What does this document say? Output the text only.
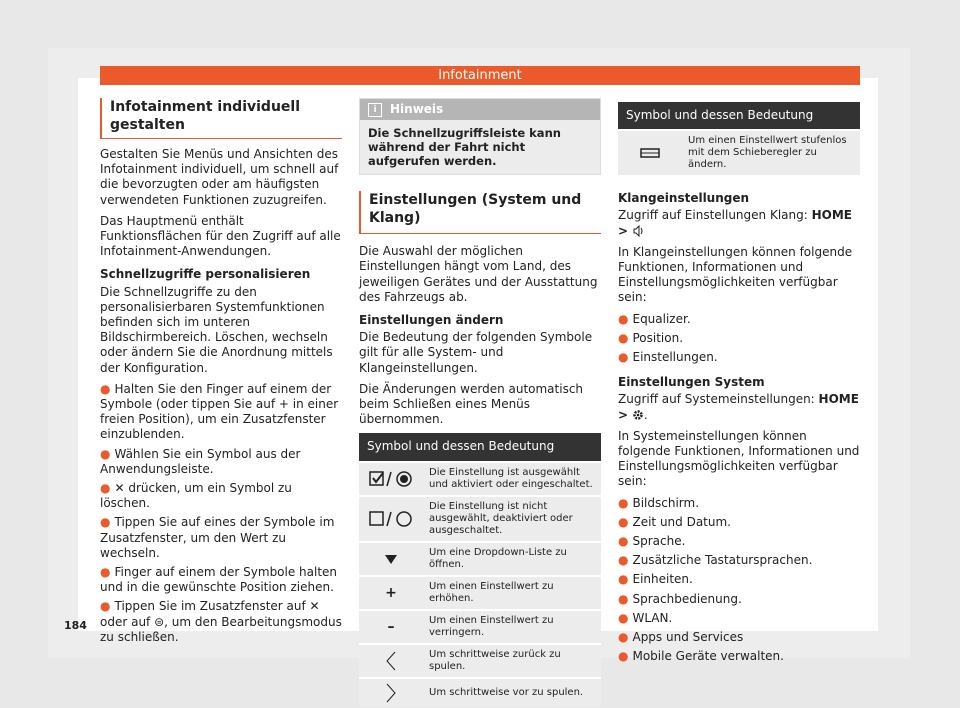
Infotainment
Infotainment individuell gestalten

Gestalten Sie Menüs und Ansichten des Infotainment individuell, um schnell auf die bevorzugten oder am häufigsten verwendeten Funktionen zuzugreifen.

Das Hauptmenü enthält Funktionsflächen für den Zugriff auf alle Infotainment-Anwendungen.

Schnellzugriffe personalisieren

Die Schnellzugriffe zu den personalisierbaren Systemfunktionen befinden sich im unteren Bildschirmbereich. Löschen, wechseln oder ändern Sie die Anordnung mittels der Konfiguration.

● Halten Sie den Finger auf einem der Symbole (oder tippen Sie auf + in einer freien Position), um ein Zusatzfenster einzublenden.
● Wählen Sie ein Symbol aus der Anwendungsleiste.
● ✕ drücken, um ein Symbol zu löschen.
● Tippen Sie auf eines der Symbole im Zusatzfenster, um den Wert zu wechseln.
● Finger auf einem der Symbole halten und in die gewünschte Position ziehen.
● Tippen Sie im Zusatzfenster auf ✕ oder auf ⊜, um den Bearbeitungsmodus zu schließen.
i	Hinweis
Die Schnellzugriffsleiste kann während der Fahrt nicht aufgerufen werden.
Einstellungen (System und Klang)

Die Auswahl der möglichen Einstellungen hängt vom Land, des jeweiligen Gerätes und der Ausstattung des Fahrzeugs ab.

Einstellungen ändern

Die Bedeutung der folgenden Symbole gilt für alle System- und Klangeinstellungen.

Die Änderungen werden automatisch beim Schließen eines Menüs übernommen.

Symbol und dessen Bedeutung	
	Die Einstellung ist ausgewählt und aktiviert oder eingeschaltet.
	Die Einstellung ist nicht ausgewählt, deaktiviert oder ausgeschaltet.
	Um eine Dropdown-Liste zu öffnen.
+	Um einen Einstellwert zu erhöhen.
–	Um einen Einstellwert zu verringern.
	Um schrittweise zurück zu spulen.
	Um schrittweise vor zu spulen.
Symbol und dessen Bedeutung
	Um einen Einstellwert stufenlos mit dem Schieberegler zu ändern.
Klangeinstellungen

Zugriff auf Einstellungen Klang: HOME >

In Klangeinstellungen können folgende Funktionen, Informationen und Einstellungsmöglichkeiten verfügbar sein:

● Equalizer.
● Position.
● Einstellungen.
Einstellungen System

Zugriff auf Systemeinstellungen: HOME > .

In Systemeinstellungen können folgende Funktionen, Informationen und Einstellungsmöglichkeiten verfügbar sein:

● Bildschirm.
● Zeit und Datum.
● Sprache.
● Zusätzliche Tastatursprachen.
● Einheiten.
● Sprachbedienung.
● WLAN.
● Apps und Services
● Mobile Geräte verwalten.
184
